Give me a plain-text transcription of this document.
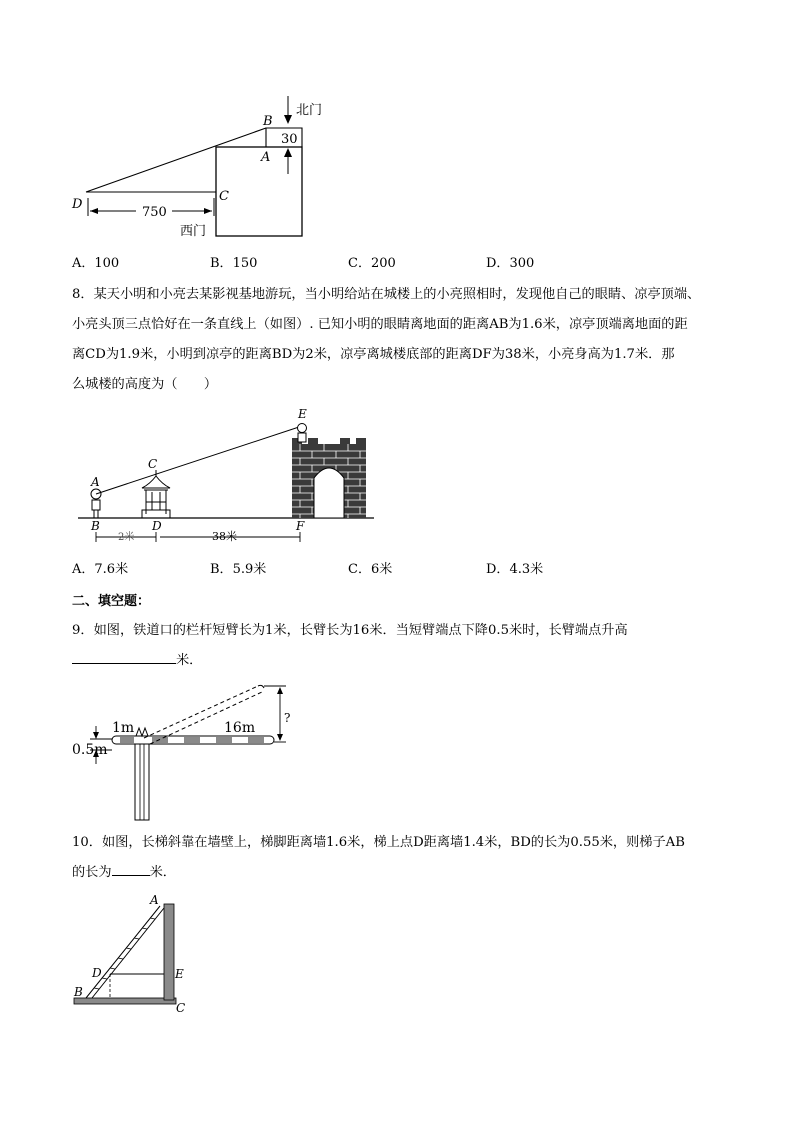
750
北门
B
30
A
C
D
西门
A．100	B．150	C．200	D．300
8．某天小明和小亮去某影视基地游玩，当小明给站在城楼上的小亮照相时，发现他自己的眼睛、凉亭顶端、
小亮头顶三点恰好在一条直线上（如图）. 已知小明的眼睛离地面的距离AB为1.6米，凉亭顶端离地面的距
离CD为1.9米，小明到凉亭的距离BD为2米，凉亭离城楼底部的距离DF为38米，小亮身高为1.7米．那
么城楼的高度为（　　）
2米	38米
A
B
C
D
E
F
A．7.6米	B．5.9米	C．6米	D．4.3米
二、填空题：
9．如图，铁道口的栏杆短臂长为1米，长臂长为16米．当短臂端点下降0.5米时，长臂端点升高
米．
?
0.5m
1m	16m
10．如图，长梯斜靠在墙壁上，梯脚距离墙1.6米，梯上点D距离墙1.4米，BD的长为0.55米，则梯子AB
的长为	米．
A
D	E
B
C
